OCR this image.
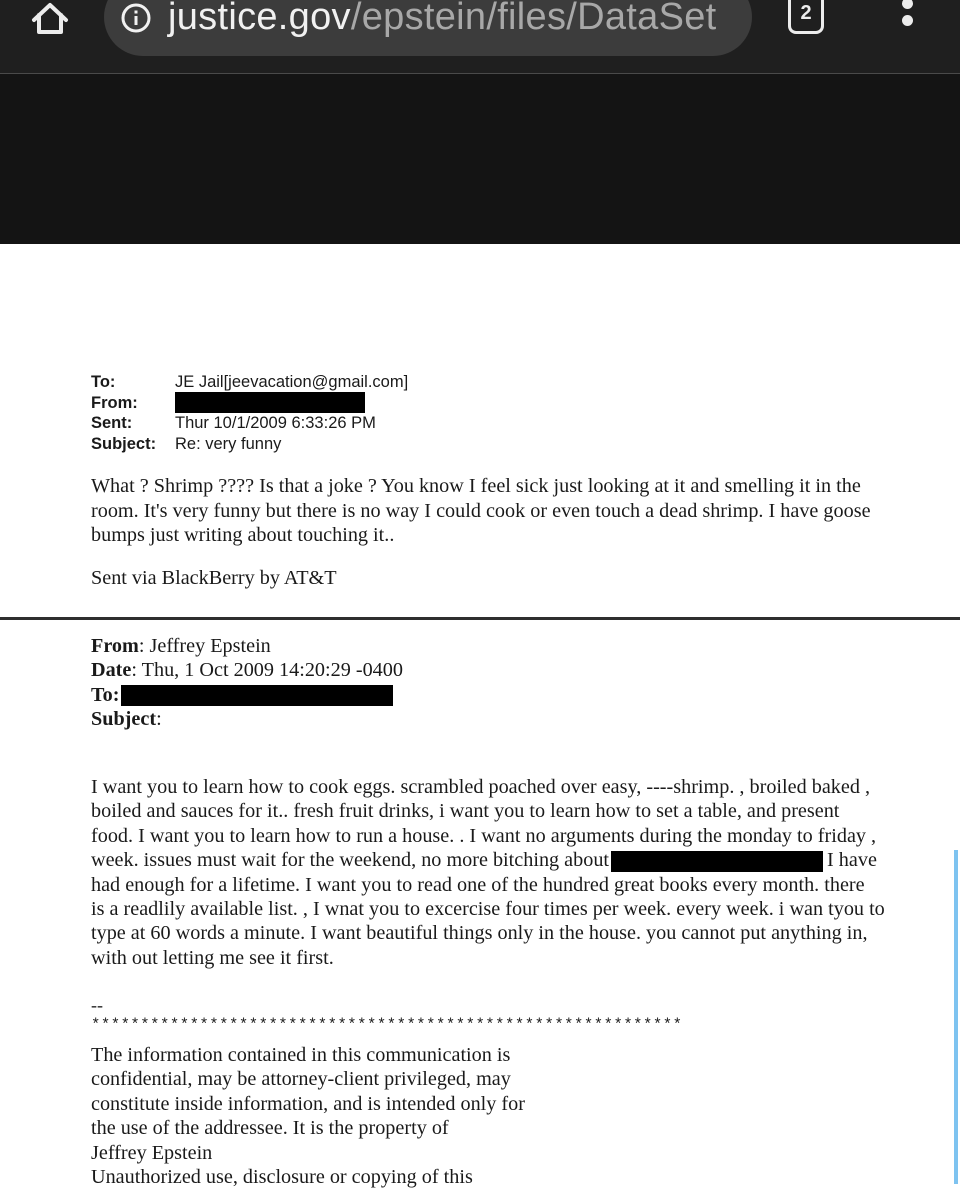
justice.gov/epstein/files/DataSet	2
To:	JE Jail[jeevacation@gmail.com]
From:
Sent:	Thur 10/1/2009 6:33:26 PM
Subject: Re: very funny
What ? Shrimp ???? Is that a joke ? You know I feel sick just looking at it and smelling it in the
room. It's very funny but there is no way I could cook or even touch a dead shrimp. I have goose
bumps just writing about touching it..
Sent via BlackBerry by AT&T
From: Jeffrey Epstein
Date: Thu, 1 Oct 2009 14:20:29 -0400
To:
Subject:
I want you to learn how to cook eggs. scrambled poached over easy, ----shrimp. , broiled baked ,
boiled and sauces for it.. fresh fruit drinks, i want you to learn how to set a table, and present
food. I want you to learn how to run a house. . I want no arguments during the monday to friday ,
week. issues must wait for the weekend, no more bitching about	I have
had enough for a lifetime. I want you to read one of the hundred great books every month. there
is a readlily available list. , I wnat you to excercise four times per week. every week. i wan tyou to
type at 60 words a minute. I want beautiful things only in the house. you cannot put anything in,
with out letting me see it first.
--
************************************************************
The information contained in this communication is
confidential, may be attorney-client privileged, may
constitute inside information, and is intended only for
the use of the addressee. It is the property of
Jeffrey Epstein
Unauthorized use, disclosure or copying of this
